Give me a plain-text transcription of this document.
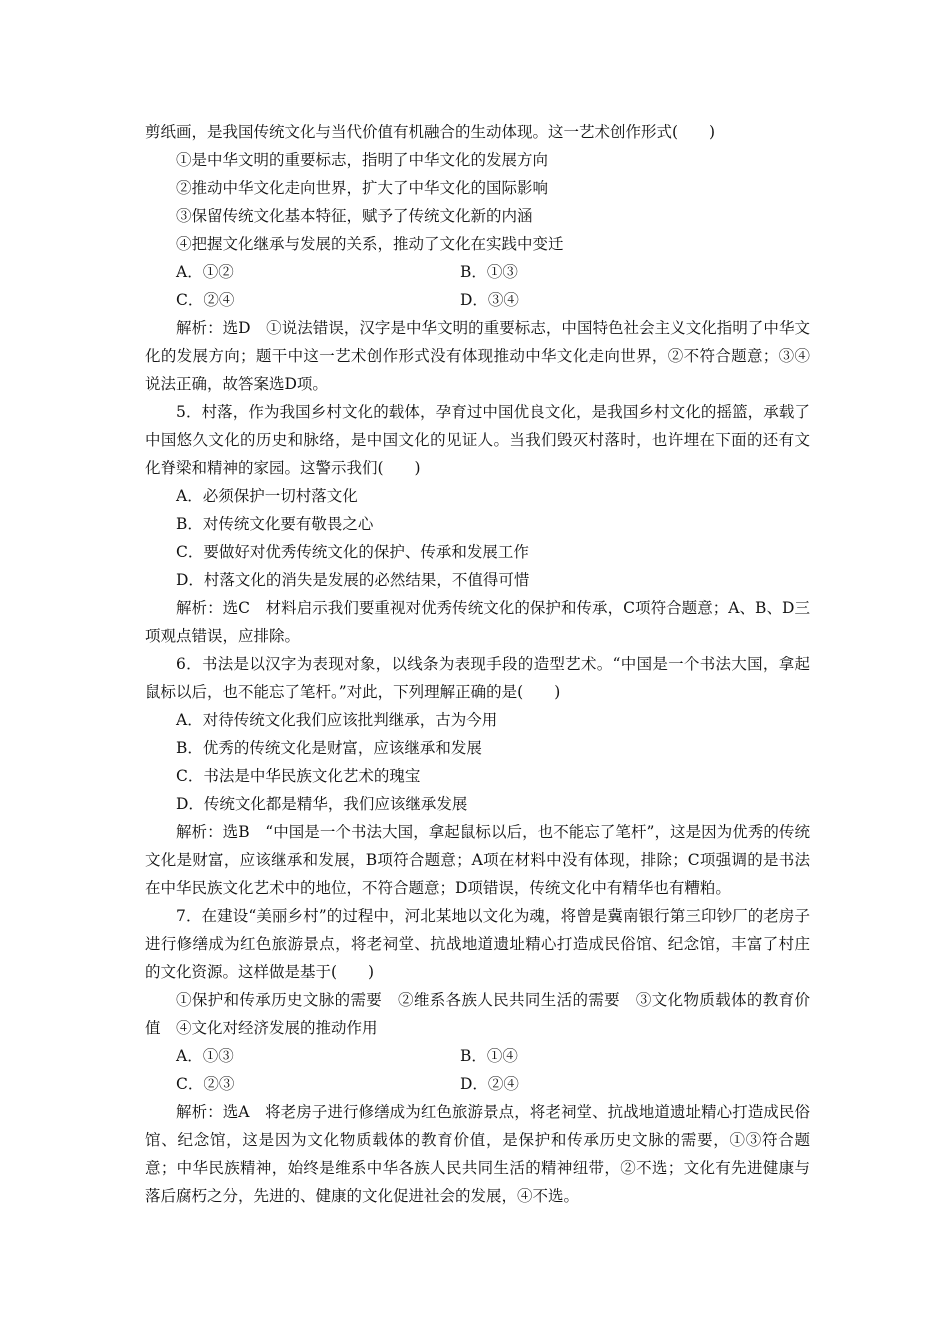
剪纸画，是我国传统文化与当代价值有机融合的生动体现。这一艺术创作形式(　　)
①是中华文明的重要标志，指明了中华文化的发展方向
②推动中华文化走向世界，扩大了中华文化的国际影响
③保留传统文化基本特征，赋予了传统文化新的内涵
④把握文化继承与发展的关系，推动了文化在实践中变迁
A．①②	B．①③
C．②④	D．③④
解析：选D　①说法错误，汉字是中华文明的重要标志，中国特色社会主义文化指明了中华文化的发展方向；题干中这一艺术创作形式没有体现推动中华文化走向世界，②不符合题意；③④说法正确，故答案选D项。
5．村落，作为我国乡村文化的载体，孕育过中国优良文化，是我国乡村文化的摇篮，承载了中国悠久文化的历史和脉络，是中国文化的见证人。当我们毁灭村落时，也许埋在下面的还有文化脊梁和精神的家园。这警示我们(　　)
A．必须保护一切村落文化
B．对传统文化要有敬畏之心
C．要做好对优秀传统文化的保护、传承和发展工作
D．村落文化的消失是发展的必然结果，不值得可惜
解析：选C　材料启示我们要重视对优秀传统文化的保护和传承，C项符合题意；A、B、D三项观点错误，应排除。
6．书法是以汉字为表现对象，以线条为表现手段的造型艺术。“中国是一个书法大国，拿起鼠标以后，也不能忘了笔杆。”对此，下列理解正确的是(　　)
A．对待传统文化我们应该批判继承，古为今用
B．优秀的传统文化是财富，应该继承和发展
C．书法是中华民族文化艺术的瑰宝
D．传统文化都是精华，我们应该继承发展
解析：选B　“中国是一个书法大国，拿起鼠标以后，也不能忘了笔杆”，这是因为优秀的传统文化是财富，应该继承和发展，B项符合题意；A项在材料中没有体现，排除；C项强调的是书法在中华民族文化艺术中的地位，不符合题意；D项错误，传统文化中有精华也有糟粕。
7．在建设“美丽乡村”的过程中，河北某地以文化为魂，将曾是冀南银行第三印钞厂的老房子进行修缮成为红色旅游景点，将老祠堂、抗战地道遗址精心打造成民俗馆、纪念馆，丰富了村庄的文化资源。这样做是基于(　　)
①保护和传承历史文脉的需要　②维系各族人民共同生活的需要　③文化物质载体的教育价值　④文化对经济发展的推动作用
A．①③	B．①④
C．②③	D．②④
解析：选A　将老房子进行修缮成为红色旅游景点，将老祠堂、抗战地道遗址精心打造成民俗馆、纪念馆，这是因为文化物质载体的教育价值，是保护和传承历史文脉的需要，①③符合题意；中华民族精神，始终是维系中华各族人民共同生活的精神纽带，②不选；文化有先进健康与落后腐朽之分，先进的、健康的文化促进社会的发展，④不选。
